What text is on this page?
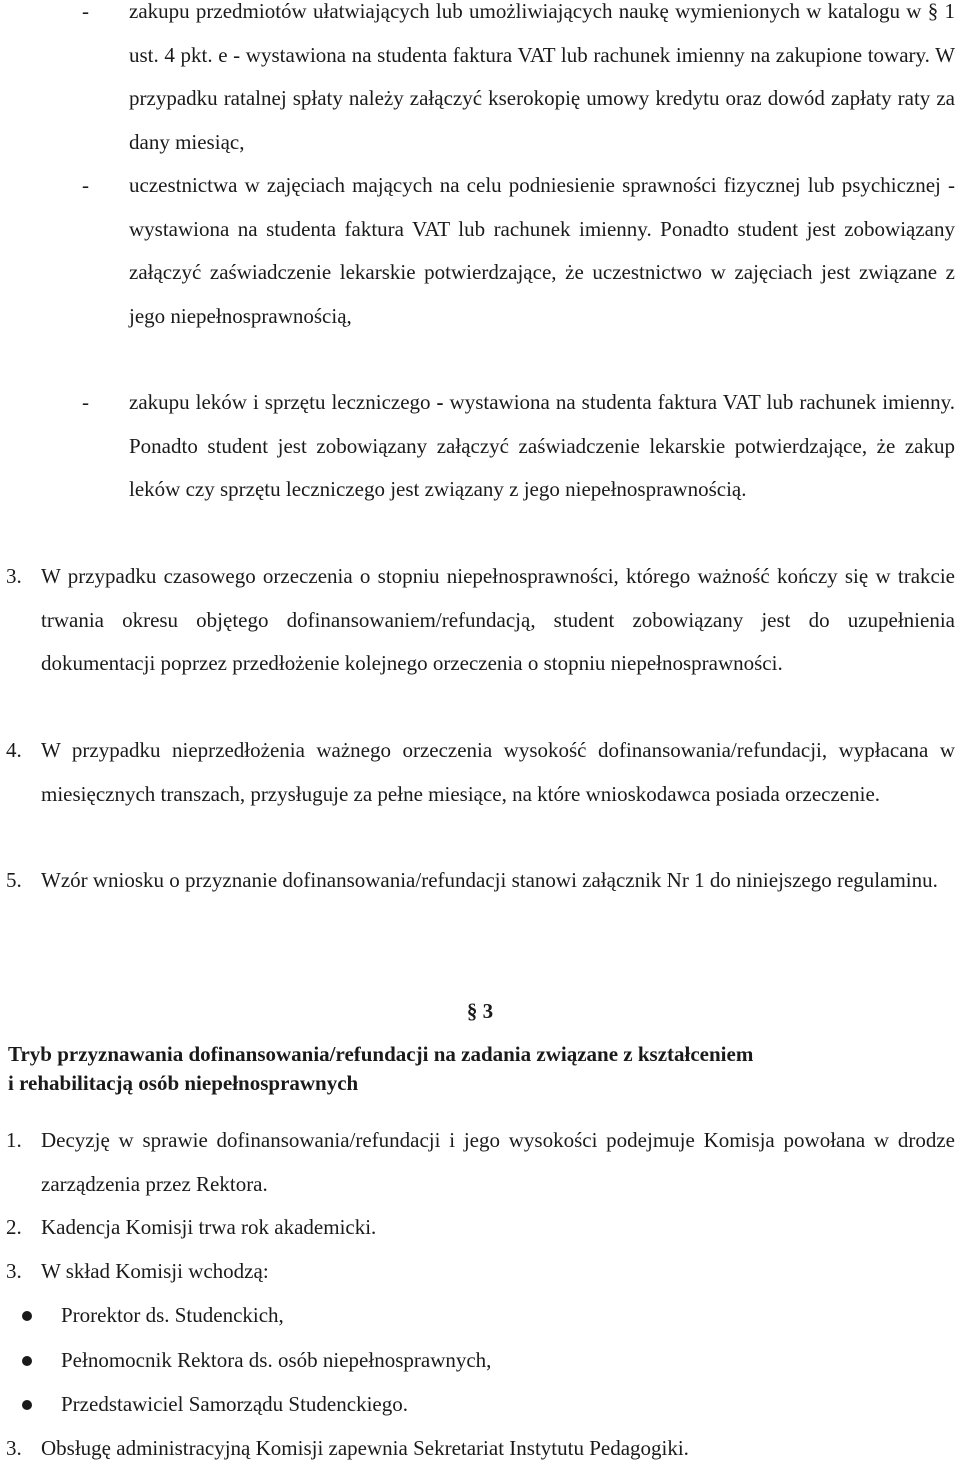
- zakupu przedmiotów ułatwiających lub umożliwiających naukę wymienionych w katalogu w § 1 ust. 4 pkt. e - wystawiona na studenta faktura VAT lub rachunek imienny na zakupione towary. W przypadku ratalnej spłaty należy załączyć kserokopię umowy kredytu oraz dowód zapłaty raty za dany miesiąc,
- uczestnictwa w zajęciach mających na celu podniesienie sprawności fizycznej lub psychicznej - wystawiona na studenta faktura VAT lub rachunek imienny. Ponadto student jest zobowiązany załączyć zaświadczenie lekarskie potwierdzające, że uczestnictwo w zajęciach jest związane z jego niepełnosprawnością,
- zakupu leków i sprzętu leczniczego - wystawiona na studenta faktura VAT lub rachunek imienny. Ponadto student jest zobowiązany załączyć zaświadczenie lekarskie potwierdzające, że zakup leków czy sprzętu leczniczego jest związany z jego niepełnosprawnością.
3. W przypadku czasowego orzeczenia o stopniu niepełnosprawności, którego ważność kończy się w trakcie trwania okresu objętego dofinansowaniem/refundacją, student zobowiązany jest do uzupełnienia dokumentacji poprzez przedłożenie kolejnego orzeczenia o stopniu niepełnosprawności.
4. W przypadku nieprzedłożenia ważnego orzeczenia wysokość dofinansowania/refundacji, wypłacana w miesięcznych transzach, przysługuje za pełne miesiące, na które wnioskodawca posiada orzeczenie.
5. Wzór wniosku o przyznanie dofinansowania/refundacji stanowi załącznik Nr 1 do niniejszego regulaminu.
§ 3
Tryb przyznawania dofinansowania/refundacji na zadania związane z kształceniem
i rehabilitacją osób niepełnosprawnych
1. Decyzję w sprawie dofinansowania/refundacji i jego wysokości podejmuje Komisja powołana w drodze zarządzenia przez Rektora.
2. Kadencja Komisji trwa rok akademicki.
3. W skład Komisji wchodzą:
Prorektor ds. Studenckich,
Pełnomocnik Rektora ds. osób niepełnosprawnych,
Przedstawiciel Samorządu Studenckiego.
3. Obsługę administracyjną Komisji zapewnia Sekretariat Instytutu Pedagogiki.
